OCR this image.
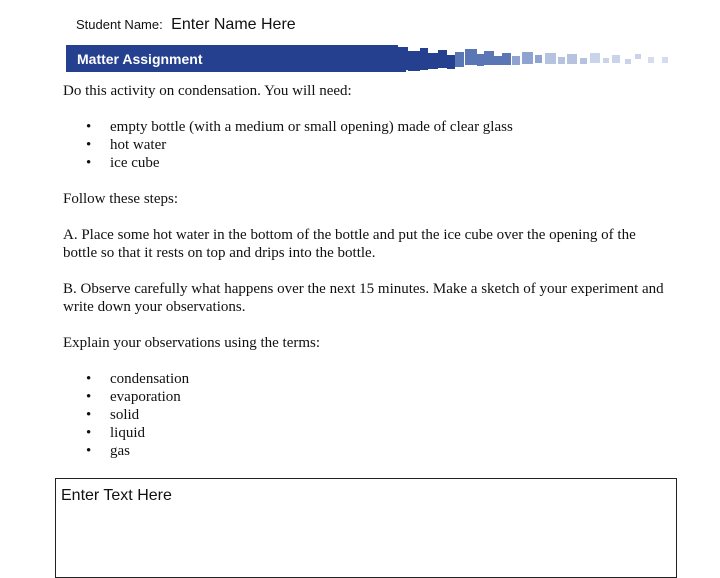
Student Name: Enter Name Here
Matter Assignment

Do this activity on condensation. You will need:

• empty bottle (with a medium or small opening) made of clear glass
• hot water
• ice cube

Follow these steps:

A. Place some hot water in the bottom of the bottle and put the ice cube over the opening of the bottle so that it rests on top and drips into the bottle.

B. Observe carefully what happens over the next 15 minutes. Make a sketch of your experiment and write down your observations.

Explain your observations using the terms:

• condensation
• evaporation
• solid
• liquid
• gas
Enter Text Here
